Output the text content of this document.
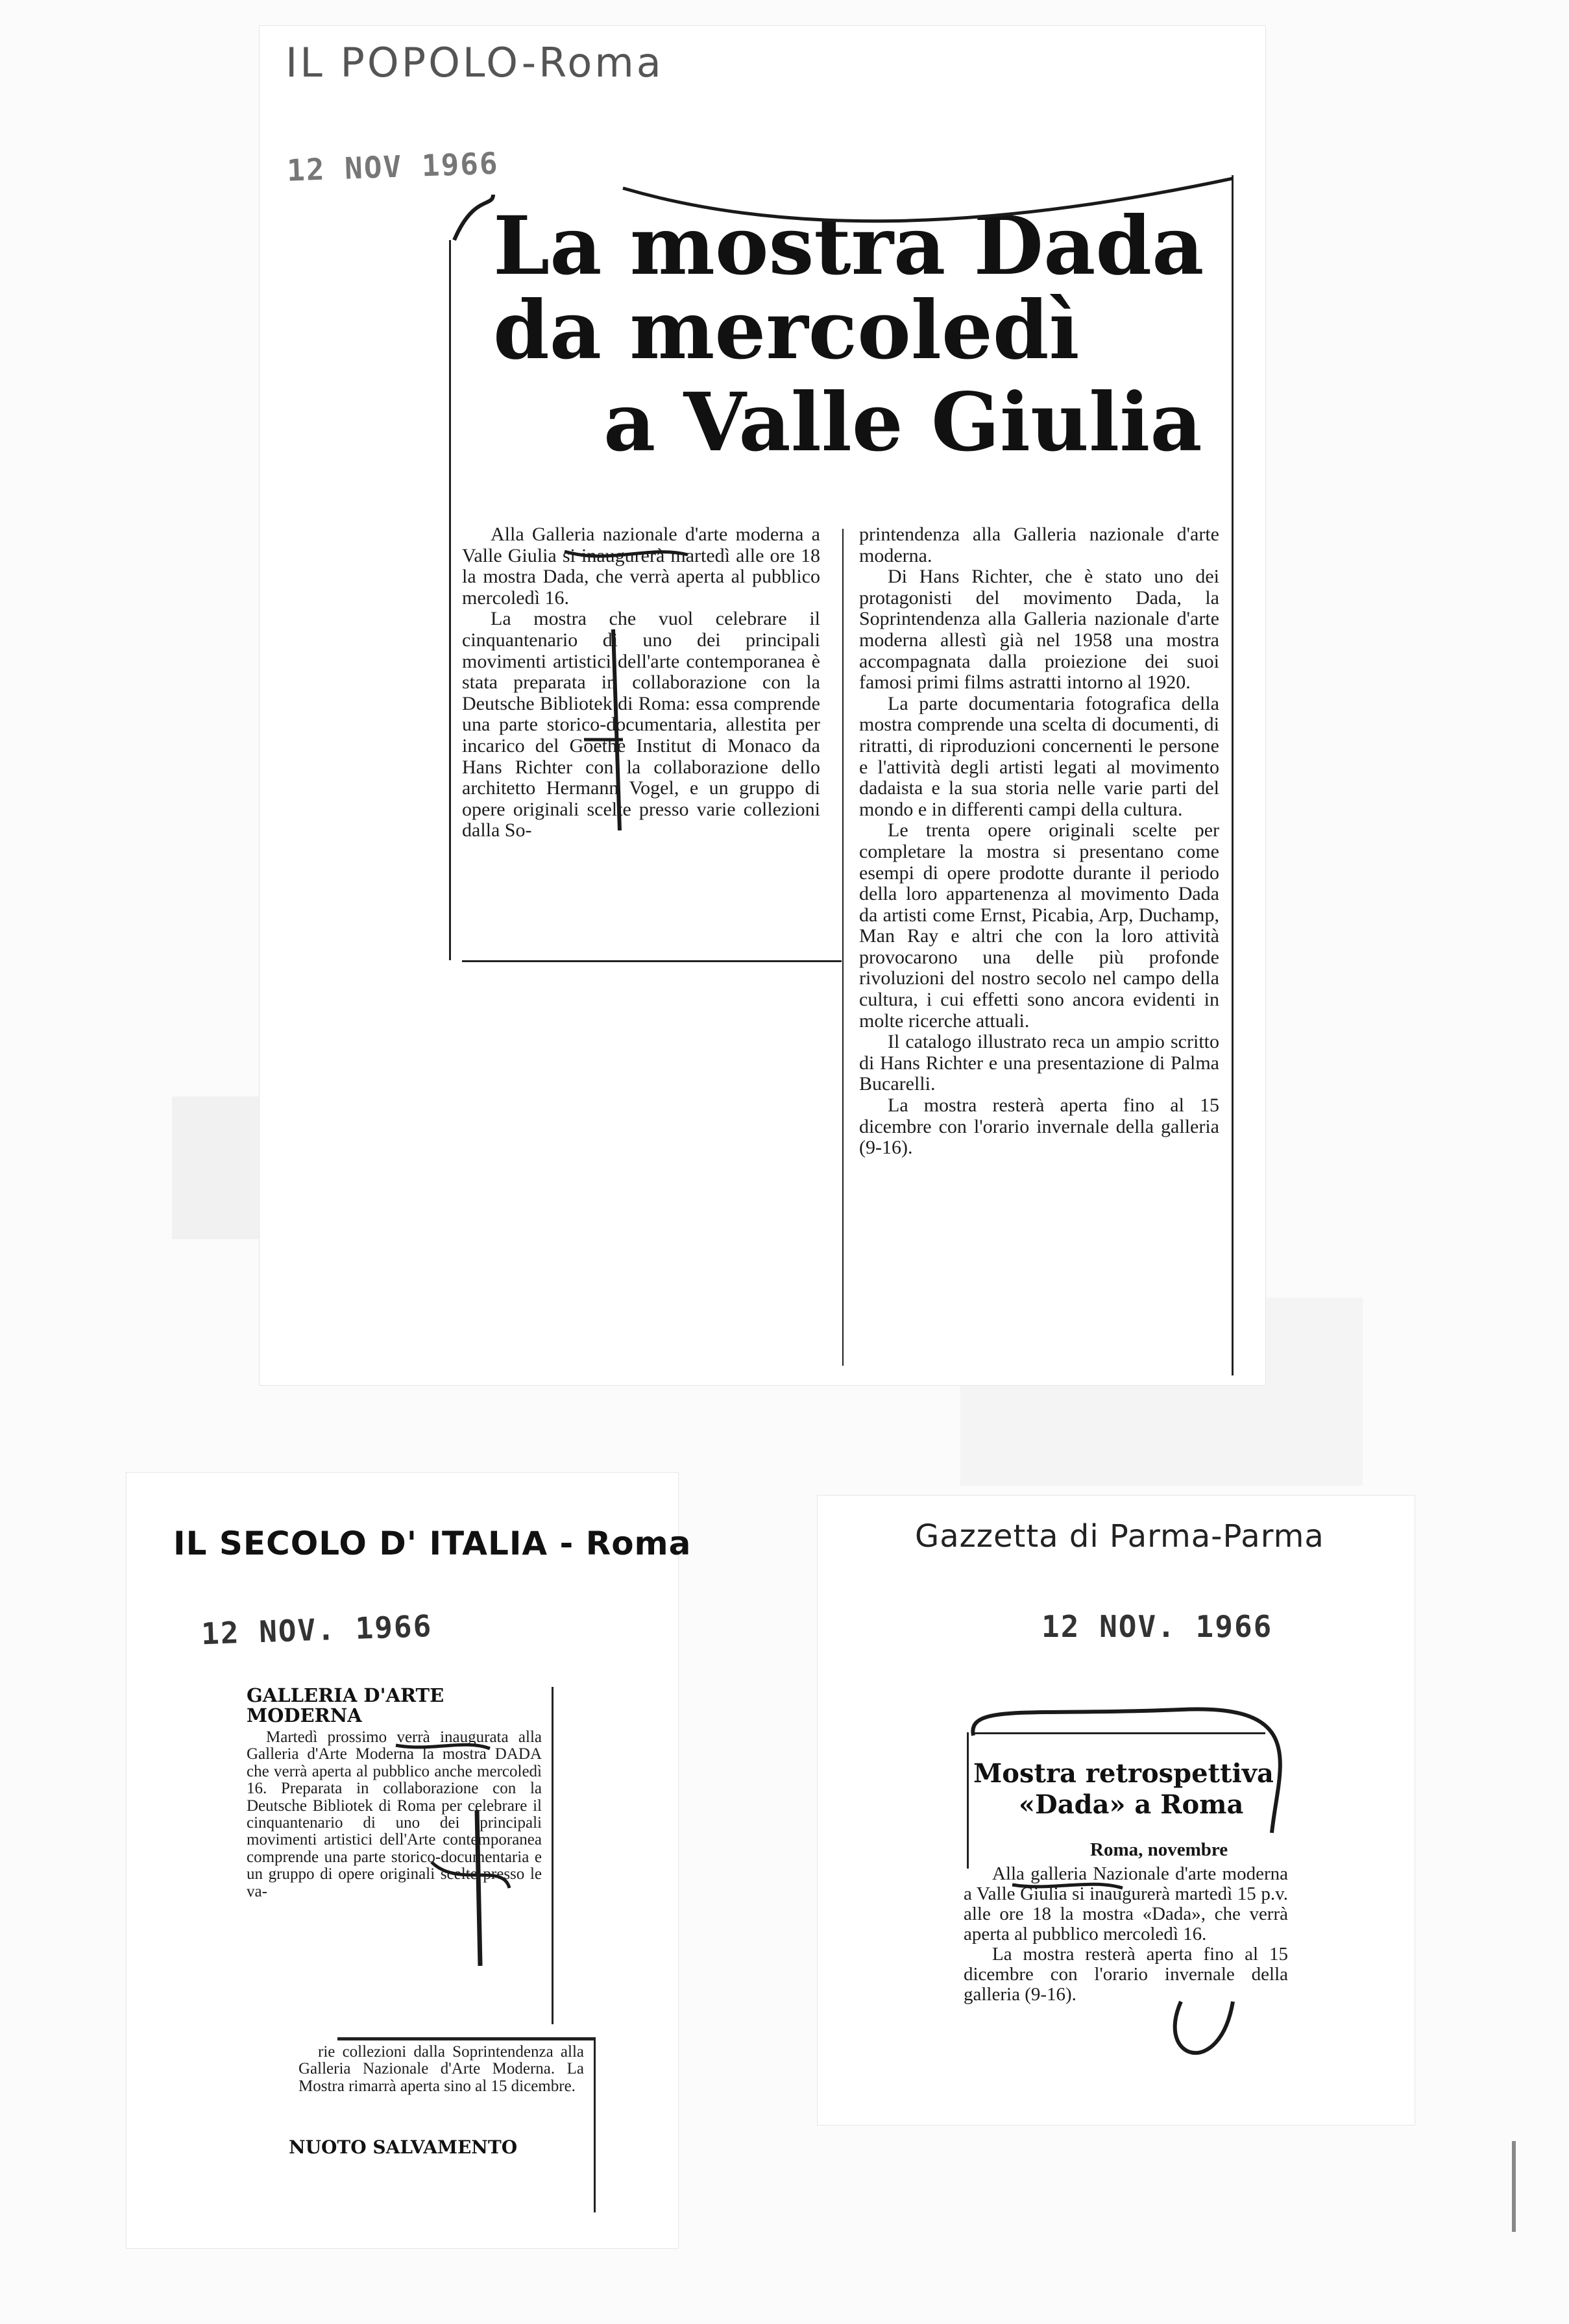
IL POPOLO-Roma
12 NOV 1966
La mostra Dada
da mercoledì
a Valle Giulia

Alla Galleria nazionale d'arte moderna a Valle Giulia si inaugurerà martedì alle ore 18 la mostra Dada, che verrà aperta al pubblico mercoledì 16.

La mostra che vuol celebrare il cinquantenario di uno dei principali movimenti artistici dell'arte contemporanea è stata preparata in collaborazione con la Deutsche Bibliotek di Roma: essa comprende una parte storico-documentaria, allestita per incarico del Goethe Institut di Monaco da Hans Richter con la collaborazione dello architetto Hermann Vogel, e un gruppo di opere originali scelte presso varie collezioni dalla So-

printendenza alla Galleria nazionale d'arte moderna.

Di Hans Richter, che è stato uno dei protagonisti del movimento Dada, la Soprintendenza alla Galleria nazionale d'arte moderna allestì già nel 1958 una mostra accompagnata dalla proiezione dei suoi famosi primi films astratti intorno al 1920.

La parte documentaria fotografica della mostra comprende una scelta di documenti, di ritratti, di riproduzioni concernenti le persone e l'attività degli artisti legati al movimento dadaista e la sua storia nelle varie parti del mondo e in differenti campi della cultura.

Le trenta opere originali scelte per completare la mostra si presentano come esempi di opere prodotte durante il periodo della loro appartenenza al movimento Dada da artisti come Ernst, Picabia, Arp, Duchamp, Man Ray e altri che con la loro attività provocarono una delle più profonde rivoluzioni del nostro secolo nel campo della cultura, i cui effetti sono ancora evidenti in molte ricerche attuali.

Il catalogo illustrato reca un ampio scritto di Hans Richter e una presentazione di Palma Bucarelli.

La mostra resterà aperta fino al 15 dicembre con l'orario invernale della galleria (9-16).

IL SECOLO D' ITALIA - Roma
12 NOV. 1966
GALLERIA D'ARTE MODERNA

Martedì prossimo verrà inaugurata alla Galleria d'Arte Moderna la mostra DADA che verrà aperta al pubblico anche mercoledì 16. Preparata in collaborazione con la Deutsche Bibliotek di Roma per celebrare il cinquantenario di uno dei principali movimenti artistici dell'Arte contemporanea comprende una parte storico-documentaria e un gruppo di opere originali scelte presso le va-

rie collezioni dalla Soprintendenza alla Galleria Nazionale d'Arte Moderna. La Mostra rimarrà aperta sino al 15 dicembre.

NUOTO SALVAMENTO
Gazzetta di Parma-Parma
12 NOV. 1966
Mostra retrospettiva
«Dada» a Roma
Roma, novembre

Alla galleria Nazionale d'arte moderna a Valle Giulia si inaugurerà martedì 15 p.v. alle ore 18 la mostra «Dada», che verrà aperta al pubblico mercoledì 16.

La mostra resterà aperta fino al 15 dicembre con l'orario invernale della galleria (9-16).
